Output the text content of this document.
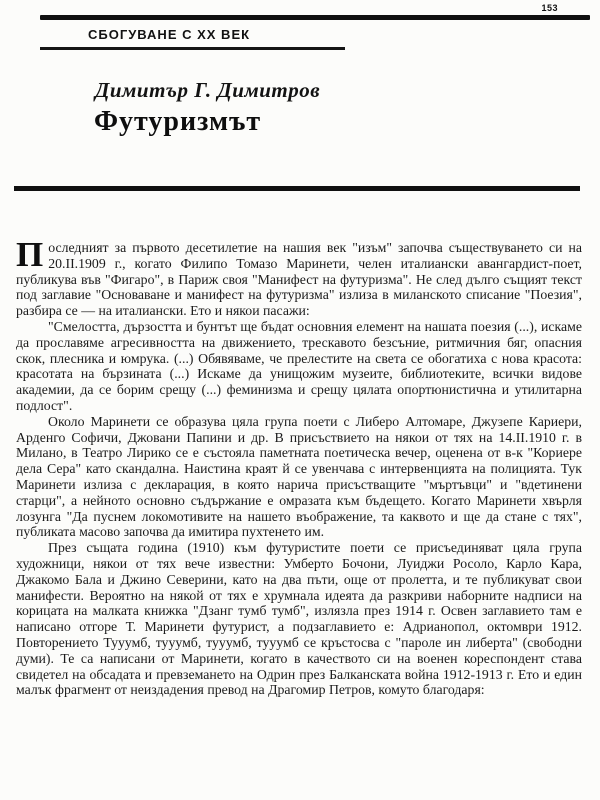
153
СБОГУВАНЕ С XX ВЕК
Димитър Г. Димитров
Футуризмът

Последният за първото десетилетие на нашия век "изъм" започва съществуването си на 20.II.1909 г., когато Филипо Томазо Маринети, челен италиански авангардист-поет, публикува във "Фигаро", в Париж своя "Манифест на футуризма". Не след дълго същият текст под заглавие "Основаване и манифест на футуризма" излиза в миланското списание "Поезия", разбира се — на италиански. Ето и някои пасажи:

"Смелостта, дързостта и бунтът ще бъдат основния елемент на нашата поезия (...), искаме да прославяме агресивността на движението, трескавото безсъние, ритмичния бяг, опасния скок, плесника и юмрука. (...) Обявяваме, че прелестите на света се обогатиха с нова красота: красотата на бързината (...) Искаме да унищожим музеите, библиотеките, всички видове академии, да се борим срещу (...) феминизма и срещу цялата опортюнистична и утилитарна подлост".

Около Маринети се образува цяла група поети с Либеро Алтомаре, Джузепе Кариери, Арденго Софичи, Джовани Папини и др. В присъствието на някои от тях на 14.II.1910 г. в Милано, в Театро Лирико се е състояла паметната поетическа вечер, оценена от в-к "Кориере дела Сера" като скандална. Наистина краят й се увенчава с интервенцията на полицията. Тук Маринети излиза с декларация, в която нарича присъстващите "мъртъвци" и "вдетинени старци", а нейното основно съдържание е омразата към бъдещето. Когато Маринети хвърля лозунга "Да пуснем локомотивите на нашето въображение, та каквото и ще да стане с тях", публиката масово започва да имитира пухтенето им.

През същата година (1910) към футуристите поети се присъединяват цяла група художници, някои от тях вече известни: Умберто Бочони, Луиджи Росоло, Карло Кара, Джакомо Бала и Джино Северини, като на два пъти, още от пролетта, и те публикуват свои манифести. Вероятно на някой от тях е хрумнала идеята да разкриви наборните надписи на корицата на малката книжка "Дзанг тумб тумб", излязла през 1914 г. Освен заглавието там е написано отгоре Т. Маринети футурист, а подзаглавието е: Адрианопол, октомври 1912. Повторението Тууумб, тууумб, тууумб, тууумб се кръстосва с "пароле ин либерта" (свободни думи). Те са написани от Маринети, когато в качеството си на военен кореспондент става свидетел на обсадата и превземането на Одрин през Балканската война 1912-1913 г. Ето и един малък фрагмент от неиздадения превод на Драгомир Петров, комуто благодаря:
